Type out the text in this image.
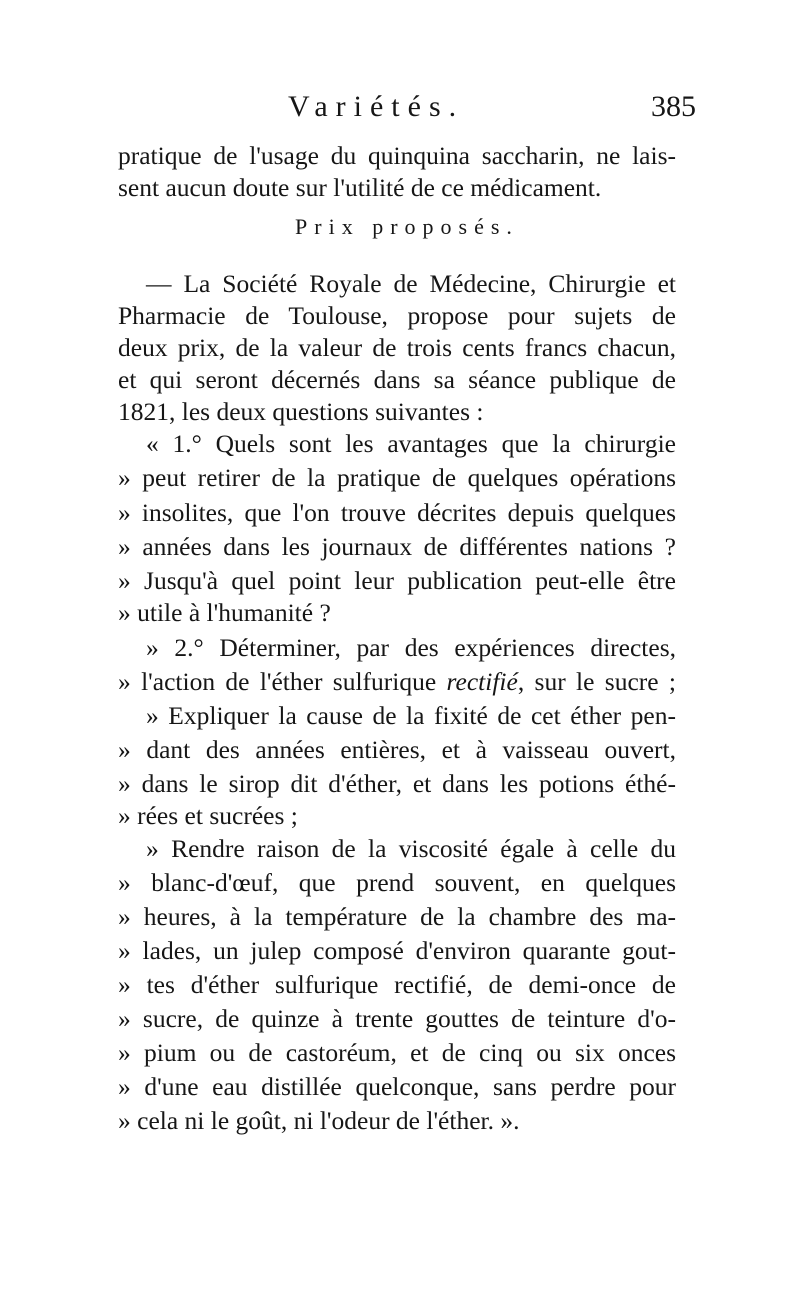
Variétés.	385
pratique de l'usage du quinquina saccharin, ne lais-
sent aucun doute sur l'utilité de ce médicament.
Prix proposés.
— La Société Royale de Médecine, Chirurgie et
Pharmacie de Toulouse, propose pour sujets de
deux prix, de la valeur de trois cents francs chacun,
et qui seront décernés dans sa séance publique de
1821, les deux questions suivantes :
« 1.° Quels sont les avantages que la chirurgie
» peut retirer de la pratique de quelques opérations
» insolites, que l'on trouve décrites depuis quelques
» années dans les journaux de différentes nations ?
» Jusqu'à quel point leur publication peut-elle être
» utile à l'humanité ?
» 2.° Déterminer, par des expériences directes,
» l'action de l'éther sulfurique rectifié, sur le sucre ;
» Expliquer la cause de la fixité de cet éther pen-
» dant des années entières, et à vaisseau ouvert,
» dans le sirop dit d'éther, et dans les potions éthé-
» rées et sucrées ;
» Rendre raison de la viscosité égale à celle du
» blanc-d'œuf, que prend souvent, en quelques
» heures, à la température de la chambre des ma-
» lades, un julep composé d'environ quarante gout-
» tes d'éther sulfurique rectifié, de demi-once de
» sucre, de quinze à trente gouttes de teinture d'o-
» pium ou de castoréum, et de cinq ou six onces
» d'une eau distillée quelconque, sans perdre pour
» cela ni le goût, ni l'odeur de l'éther. ».
